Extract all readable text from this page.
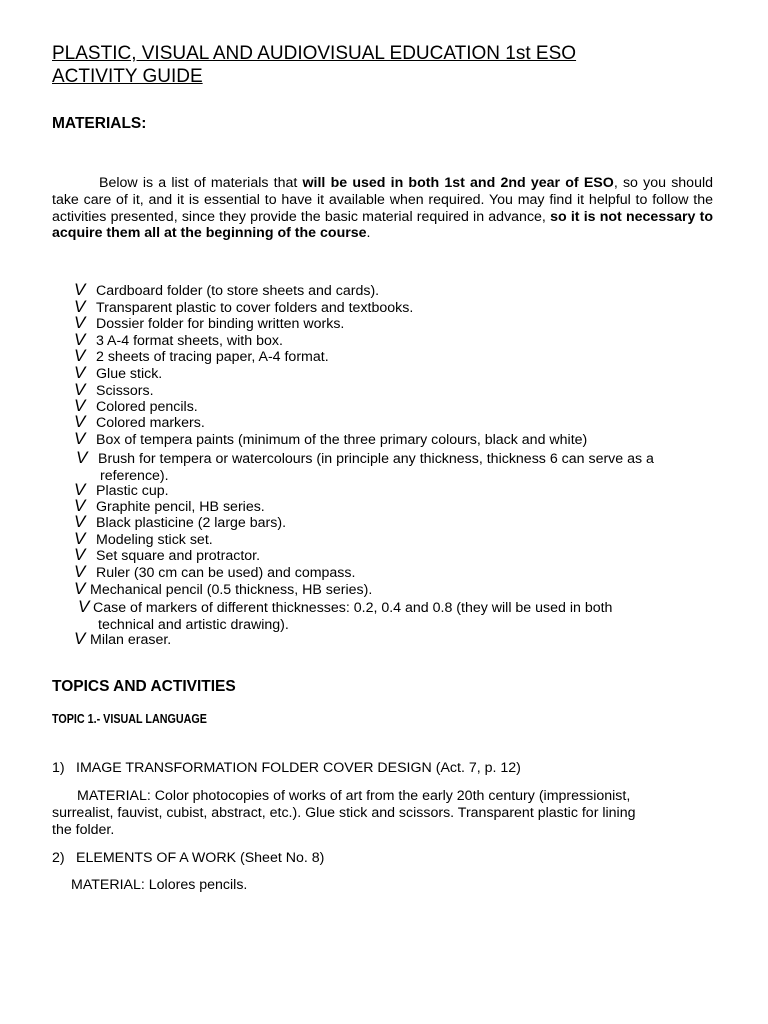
PLASTIC, VISUAL AND AUDIOVISUAL EDUCATION 1st ESO
ACTIVITY GUIDE
MATERIALS:
Below is a list of materials that will be used in both 1st and 2nd year of ESO, so you should take care of it, and it is essential to have it available when required. You may find it helpful to follow the activities presented, since they provide the basic material required in advance, so it is not necessary to acquire them all at the beginning of the course.
V Cardboard folder (to store sheets and cards).
V Transparent plastic to cover folders and textbooks.
V Dossier folder for binding written works.
V 3 A-4 format sheets, with box.
V 2 sheets of tracing paper, A-4 format.
V Glue stick.
V Scissors.
V Colored pencils.
V Colored markers.
V Box of tempera paints (minimum of the three primary colours, black and white)
V Brush for tempera or watercolours (in principle any thickness, thickness 6 can serve as a
reference).
V Plastic cup.
V Graphite pencil, HB series.
V Black plasticine (2 large bars).
V Modeling stick set.
V Set square and protractor.
V Ruler (30 cm can be used) and compass.
V Mechanical pencil (0.5 thickness, HB series).
V Case of markers of different thicknesses: 0.2, 0.4 and 0.8 (they will be used in both
technical and artistic drawing).
V Milan eraser.
TOPICS AND ACTIVITIES
TOPIC 1.- VISUAL LANGUAGE
1) IMAGE TRANSFORMATION FOLDER COVER DESIGN (Act. 7, p. 12)
MATERIAL: Color photocopies of works of art from the early 20th century (impressionist,
surrealist, fauvist, cubist, abstract, etc.). Glue stick and scissors. Transparent plastic for lining
the folder.
2) ELEMENTS OF A WORK (Sheet No. 8)
MATERIAL: Lolores pencils.
